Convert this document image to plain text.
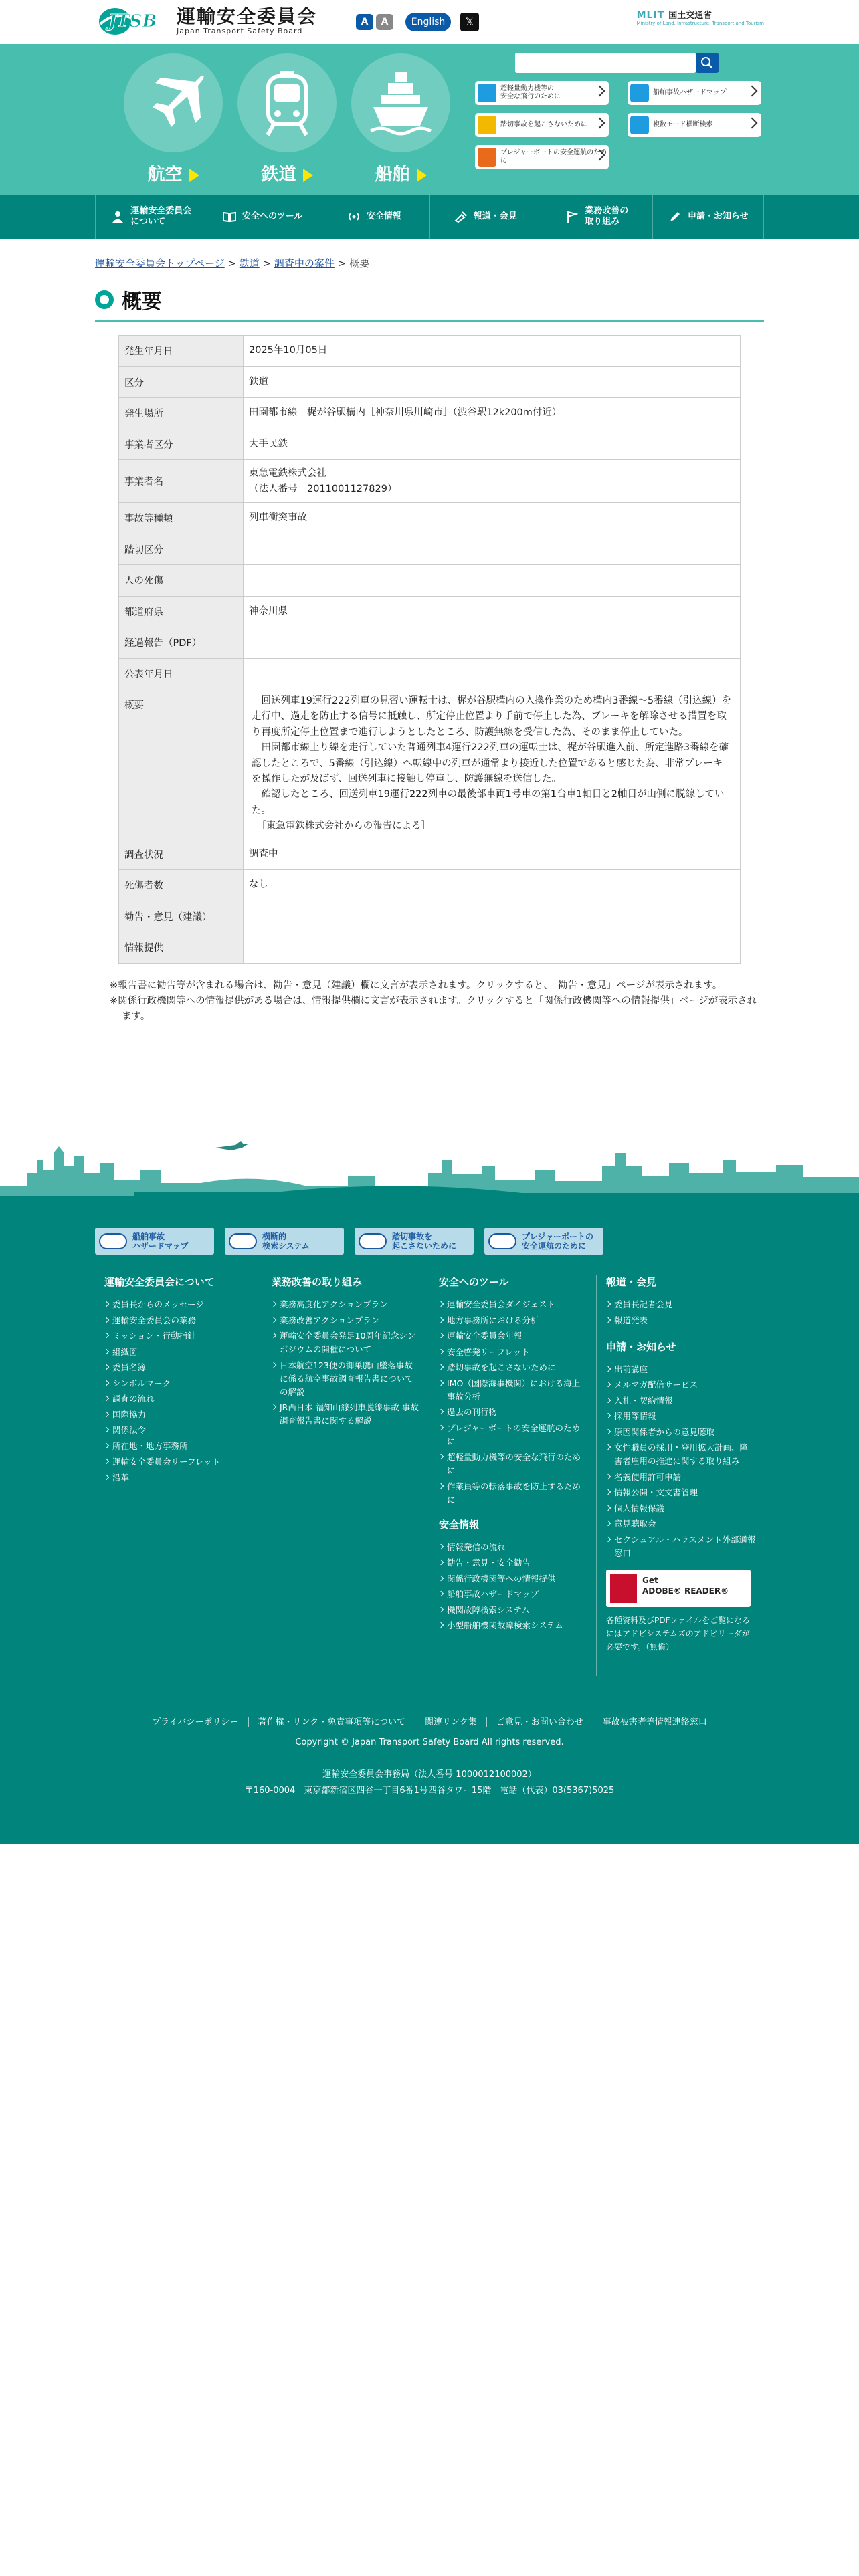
JTSB 運輸安全委員会
Japan Transport Safety Board
A	A	English	𝕏	MLIT 国土交通省
Ministry of Land, Infrastructure, Transport and Tourism
航空	鉄道	船舶
超軽量動力機等の
安全な飛行のために
船舶事故ハザードマップ
踏切事故を起こさないために	複数モード横断検索
プレジャーボートの安全運航のために
運輸安全委員会
について
安全へのツール	安全情報	報道・会見
業務改善の
取り組み
申請・お知らせ
運輸安全委員会トップページ > 鉄道 > 調査中の案件 > 概要
概要
発生年月日	2025年10月05日
区分	鉄道
発生場所	田園都市線　梶が谷駅構内［神奈川県川崎市］（渋谷駅12k200m付近）
事業者区分	大手民鉄
事業者名	東急電鉄株式会社
（法人番号　2011001127829）
事故等種類	列車衝突事故
踏切区分	
人の死傷	
都道府県	神奈川県
経過報告（PDF）	
公表年月日	
概要	　回送列車19運行222列車の見習い運転士は、梶が谷駅構内の入換作業のため構内3番線～5番線（引込線）を走行中、過走を防止する信号に抵触し、所定停止位置より手前で停止した為、ブレーキを解除させる措置を取り再度所定停止位置まで進行しようとしたところ、防護無線を受信した為、そのまま停止していた。
　田園都市線上り線を走行していた普通列車4運行222列車の運転士は、梶が谷駅進入前、所定進路3番線を確認したところで、5番線（引込線）へ転線中の列車が通常より接近した位置であると感じた為、非常ブレーキを操作したが及ばず、回送列車に接触し停車し、防護無線を送信した。
　確認したところ、回送列車19運行222列車の最後部車両1号車の第1台車1軸目と2軸目が山側に脱線していた。
　［東急電鉄株式会社からの報告による］
調査状況	調査中
死傷者数	なし
勧告・意見（建議）	
情報提供	

※報告書に勧告等が含まれる場合は、勧告・意見（建議）欄に文言が表示されます。クリックすると、「勧告・意見」ページが表示されます。

※関係行政機関等への情報提供がある場合は、情報提供欄に文言が表示されます。クリックすると「関係行政機関等への情報提供」ページが表示されます。

船舶事故
ハザードマップ
横断的
検索システム
踏切事故を
起こさないために
プレジャーボートの
安全運航のために
運輸安全委員会について
委員長からのメッセージ
運輸安全委員会の業務
ミッション・行動指針
組織図
委員名簿
シンボルマーク
調査の流れ
国際協力
関係法令
所在地・地方事務所
運輸安全委員会リーフレット
沿革
業務改善の取り組み
業務高度化アクションプラン
業務改善アクションプラン
運輸安全委員会発足10周年記念シンポジウムの開催について
日本航空123便の御巣鷹山墜落事故に係る航空事故調査報告書についての解説
JR西日本 福知山線列車脱線事故 事故調査報告書に関する解説
安全へのツール
運輸安全委員会ダイジェスト
地方事務所における分析
運輸安全委員会年報
安全啓発リーフレット
踏切事故を起こさないために
IMO（国際海事機関）における海上事故分析
過去の刊行物
プレジャーボートの安全運航のために
超軽量動力機等の安全な飛行のために
作業員等の転落事故を防止するために
安全情報
情報発信の流れ
勧告・意見・安全勧告
関係行政機関等への情報提供
船舶事故ハザードマップ
機関故障検索システム
小型船舶機関故障検索システム
報道・会見
委員長記者会見
報道発表
申請・お知らせ
出前講座
メルマガ配信サービス
入札・契約情報
採用等情報
原因関係者からの意見聴取
女性職員の採用・登用拡大計画、障害者雇用の推進に関する取り組み
名義使用許可申請
情報公開・文文書管理
個人情報保護
意見聴取会
セクシュアル・ハラスメント外部通報窓口
Get
ADOBE® READER®
各種資料及びPDFファイルをご覧になるにはアドビシステムズのアドビリーダが必要です。（無償）
プライバシーポリシー 著作権・リンク・免責事項等について 関連リンク集 ご意見・お問い合わせ 事故被害者等情報連絡窓口
Copyright © Japan Transport Safety Board All rights reserved.
運輸安全委員会事務局（法人番号 1000012100002）
〒160-0004　東京都新宿区四谷一丁目6番1号四谷タワー15階　電話（代表）03(5367)5025
